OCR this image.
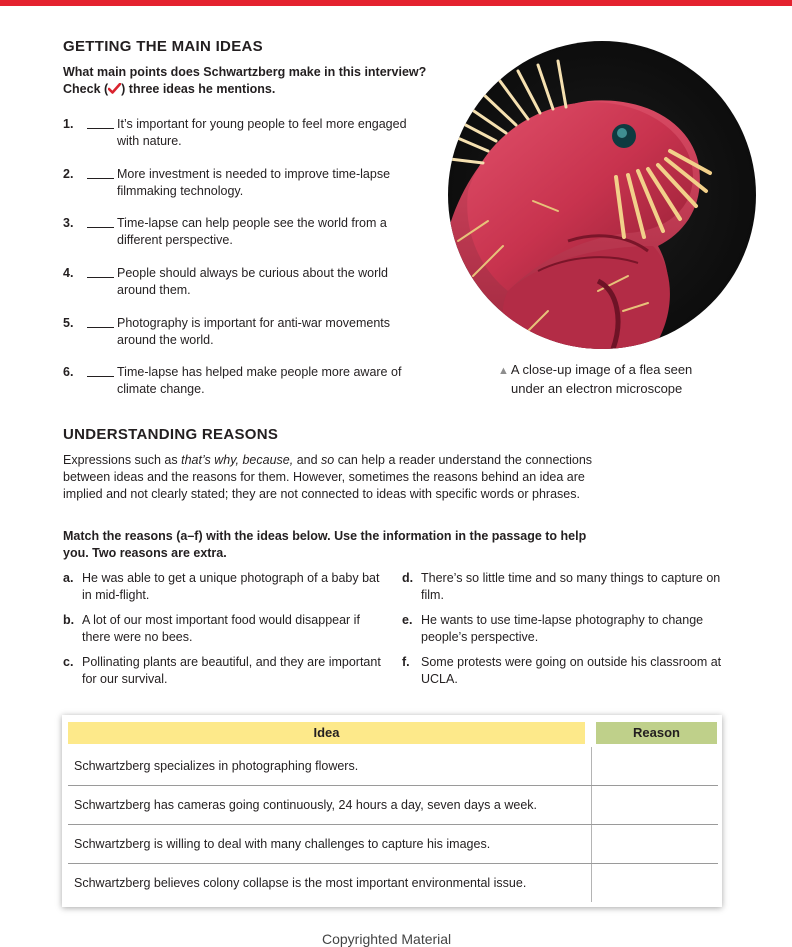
GETTING THE MAIN IDEAS
What main points does Schwartzberg make in this interview?
Check ( ) three ideas he mentions.
1.	It’s important for young people to feel more engaged with nature.
2.	More investment is needed to improve time-lapse filmmaking technology.
3.	Time-lapse can help people see the world from a different perspective.
4.	People should always be curious about the world around them.
5.	Photography is important for anti-war movements around the world.
6.	Time-lapse has helped make people more aware of climate change.
▲ A close-up image of a flea seen
under an electron microscope
UNDERSTANDING REASONS
Expressions such as that’s why, because, and so can help a reader understand the connections between ideas and the reasons for them. However, sometimes the reasons behind an idea are implied and not clearly stated; they are not connected to ideas with specific words or phrases.
Match the reasons (a–f) with the ideas below. Use the information in the passage to help you. Two reasons are extra.
a. He was able to get a unique photograph of a baby bat in mid-flight.
b. A lot of our most important food would disappear if there were no bees.
c. Pollinating plants are beautiful, and they are important for our survival.
d. There’s so little time and so many things to capture on film.
e. He wants to use time-lapse photography to change people’s perspective.
f. Some protests were going on outside his classroom at UCLA.
Idea	Reason
Schwartzberg specializes in photographing flowers.
Schwartzberg has cameras going continuously, 24 hours a day, seven days a week.
Schwartzberg is willing to deal with many challenges to capture his images.
Schwartzberg believes colony collapse is the most important environmental issue.
Copyrighted Material
